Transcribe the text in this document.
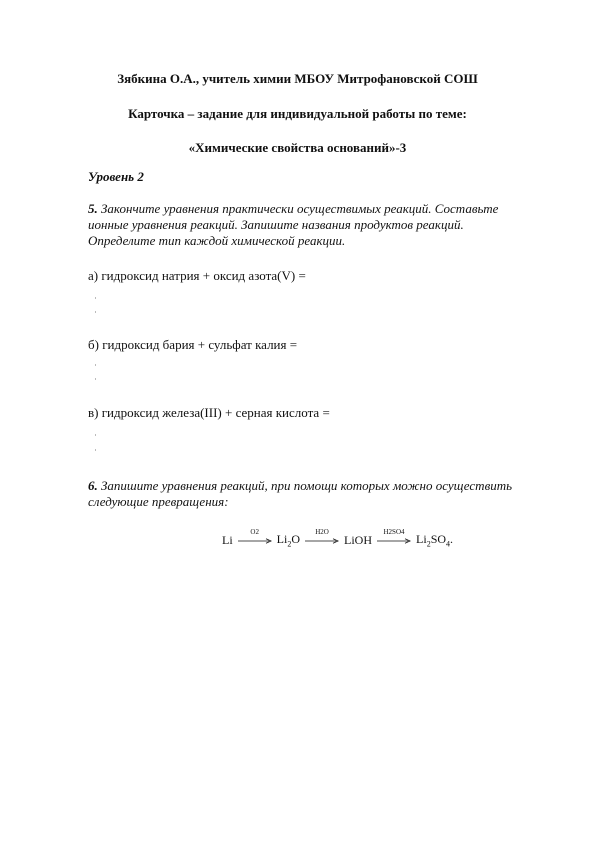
Зябкина О.А., учитель химии МБОУ Митрофановской СОШ
Карточка – задание для индивидуальной работы по теме:
«Химические свойства оснований»-3
Уровень 2

5. Закончите уравнения практически осуществимых реакций. Составьте

ионные уравнения реакций. Запишите названия продуктов реакций.

Определите тип каждой химической реакции.

а) гидроксид натрия + оксид азота(V) =
б) гидроксид бария + сульфат калия =
в) гидроксид железа(III) + серная кислота =

6. Запишите уравнения реакций, при помощи которых можно осуществить

следующие превращения:

Li
O2	$Li_2O$	H2O
LiOH
H2SO4 $Li_2SO_4$.
